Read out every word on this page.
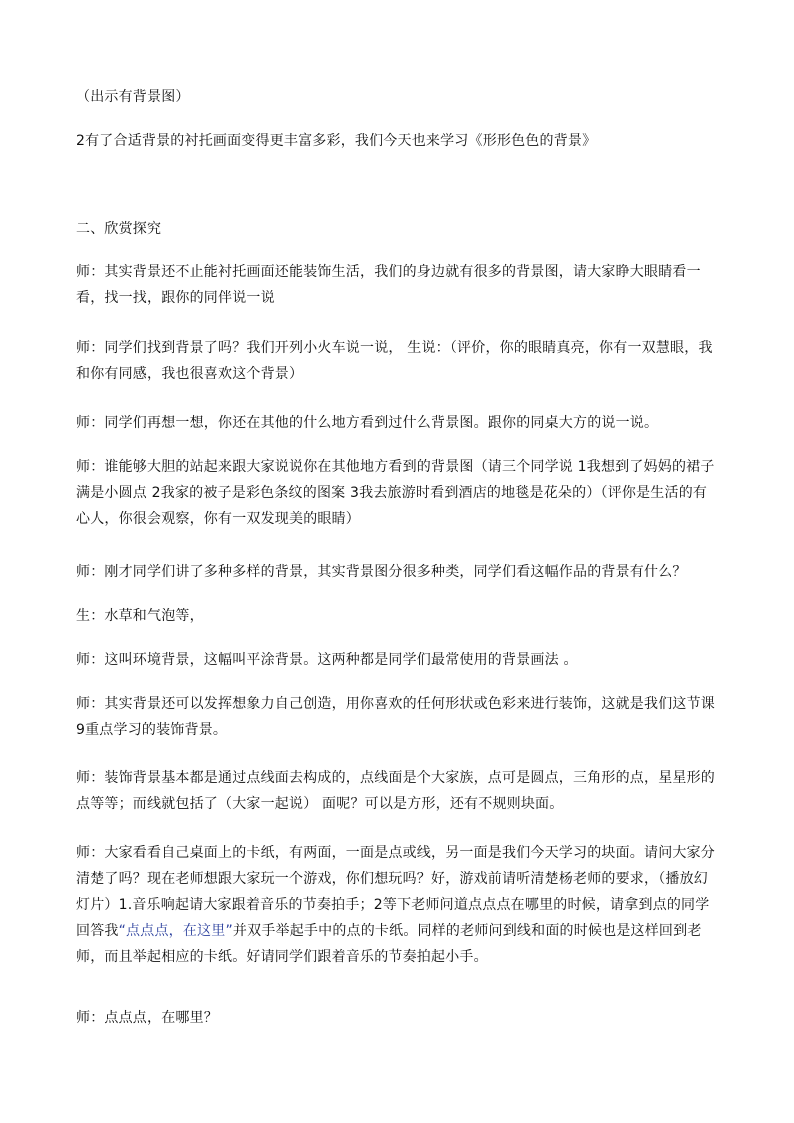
（出示有背景图）

2有了合适背景的衬托画面变得更丰富多彩，我们今天也来学习《形形色色的背景》

二、欣赏探究

师：其实背景还不止能衬托画面还能装饰生活，我们的身边就有很多的背景图，请大家睁大眼睛看一看，找一找，跟你的同伴说一说

师：同学们找到背景了吗？我们开列小火车说一说， 生说：（评价，你的眼睛真亮，你有一双慧眼，我和你有同感，我也很喜欢这个背景）

师：同学们再想一想，你还在其他的什么地方看到过什么背景图。跟你的同桌大方的说一说。

师：谁能够大胆的站起来跟大家说说你在其他地方看到的背景图（请三个同学说 1我想到了妈妈的裙子满是小圆点 2我家的被子是彩色条纹的图案 3我去旅游时看到酒店的地毯是花朵的）（评你是生活的有心人，你很会观察，你有一双发现美的眼睛）

师：刚才同学们讲了多种多样的背景，其实背景图分很多种类，同学们看这幅作品的背景有什么？

生：水草和气泡等，

师：这叫环境背景，这幅叫平涂背景。这两种都是同学们最常使用的背景画法 。

师：其实背景还可以发挥想象力自己创造，用你喜欢的任何形状或色彩来进行装饰，这就是我们这节课 9重点学习的装饰背景。

师：装饰背景基本都是通过点线面去构成的，点线面是个大家族，点可是圆点，三角形的点，星星形的点等等；而线就包括了（大家一起说） 面呢？可以是方形，还有不规则块面。

师：大家看看自己桌面上的卡纸，有两面，一面是点或线，另一面是我们今天学习的块面。请问大家分清楚了吗？现在老师想跟大家玩一个游戏，你们想玩吗？好，游戏前请听清楚杨老师的要求，（播放幻灯片）1.音乐响起请大家跟着音乐的节奏拍手；2等下老师问道点点点在哪里的时候，请拿到点的同学回答我“点点点，在这里”并双手举起手中的点的卡纸。同样的老师问到线和面的时候也是这样回到老师，而且举起相应的卡纸。好请同学们跟着音乐的节奏拍起小手。

师：点点点，在哪里？
